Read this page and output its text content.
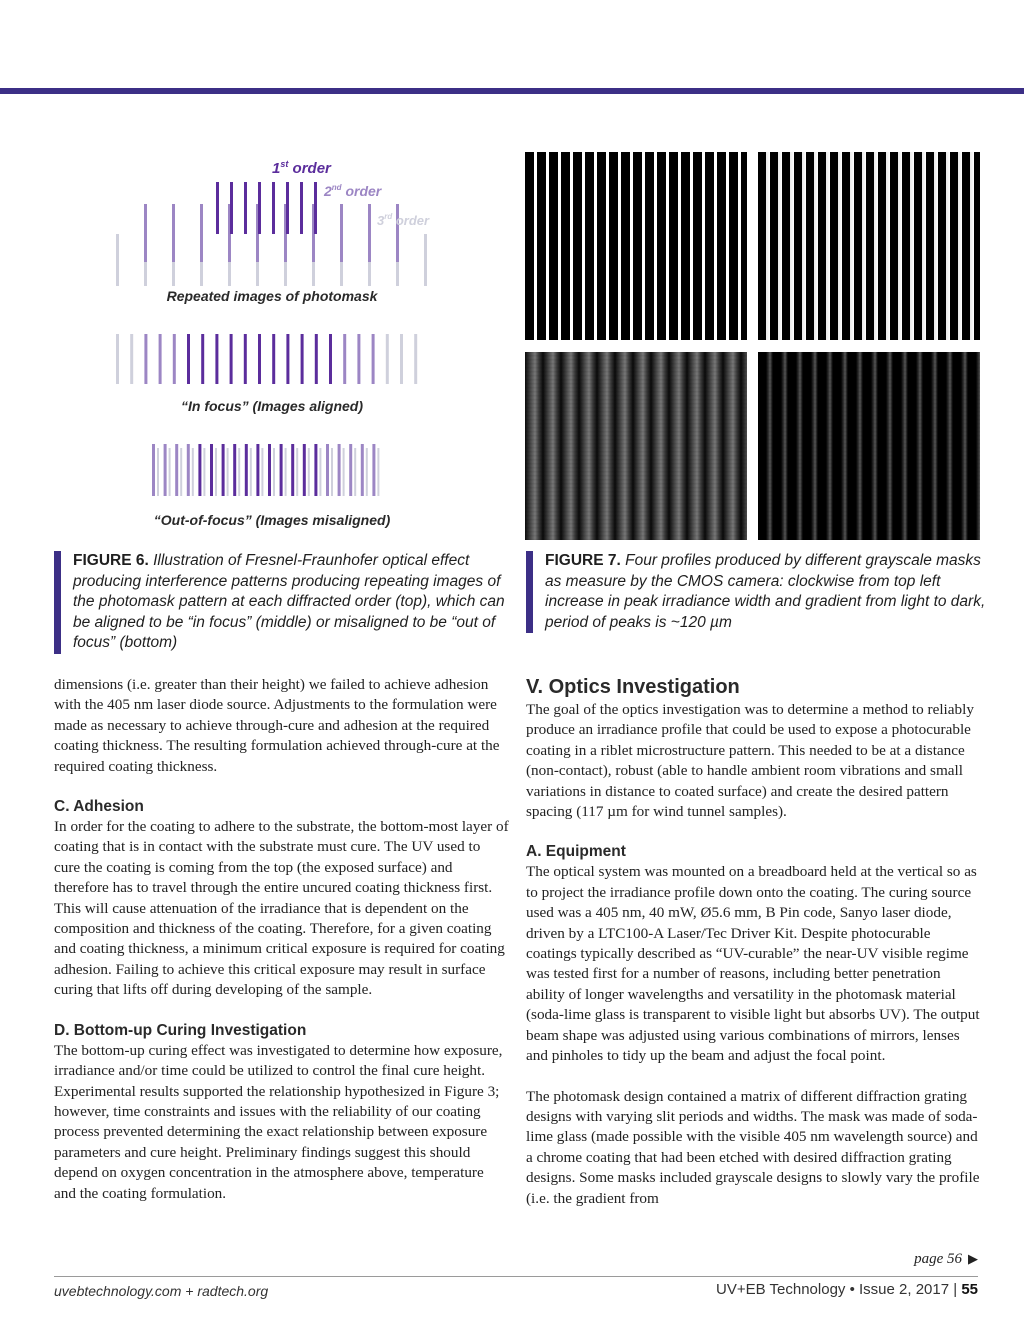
1st order
2nd order
3rd order
Repeated images of photomask
“In focus” (Images aligned)
“Out-of-focus” (Images misaligned)
FIGURE 6. Illustration of Fresnel-Fraunhofer optical effect producing interference patterns producing repeating images of the photomask pattern at each diffracted order (top), which can be aligned to be “in focus” (middle) or misaligned to be “out of focus” (bottom)
FIGURE 7. Four profiles produced by different grayscale masks as measure by the CMOS camera: clockwise from top left increase in peak irradiance width and gradient from light to dark, period of peaks is ~120 µm

dimensions (i.e. greater than their height) we failed to achieve adhesion with the 405 nm laser diode source. Adjustments to the formulation were made as necessary to achieve through-cure and adhesion at the required coating thickness. The resulting formulation achieved through-cure at the required coating thickness.

C. Adhesion

In order for the coating to adhere to the substrate, the bottom-most layer of coating that is in contact with the substrate must cure. The UV used to cure the coating is coming from the top (the exposed surface) and therefore has to travel through the entire uncured coating thickness first. This will cause attenuation of the irradiance that is dependent on the composition and thickness of the coating. Therefore, for a given coating and coating thickness, a minimum critical exposure is required for coating adhesion. Failing to achieve this critical exposure may result in surface curing that lifts off during developing of the sample.

D. Bottom-up Curing Investigation

The bottom-up curing effect was investigated to determine how exposure, irradiance and/or time could be utilized to control the final cure height. Experimental results supported the relationship hypothesized in Figure 3; however, time constraints and issues with the reliability of our coating process prevented determining the exact relationship between exposure parameters and cure height. Preliminary findings suggest this should depend on oxygen concentration in the atmosphere above, temperature and the coating formulation.

V. Optics Investigation

The goal of the optics investigation was to determine a method to reliably produce an irradiance profile that could be used to expose a photocurable coating in a riblet microstructure pattern. This needed to be at a distance (non-contact), robust (able to handle ambient room vibrations and small variations in distance to coated surface) and create the desired pattern spacing (117 µm for wind tunnel samples).

A. Equipment

The optical system was mounted on a breadboard held at the vertical so as to project the irradiance profile down onto the coating. The curing source used was a 405 nm, 40 mW, Ø5.6 mm, B Pin code, Sanyo laser diode, driven by a LTC100-A Laser/Tec Driver Kit. Despite photocurable coatings typically described as “UV-curable” the near-UV visible regime was tested first for a number of reasons, including better penetration ability of longer wavelengths and versatility in the photomask material (soda-lime glass is transparent to visible light but absorbs UV). The output beam shape was adjusted using various combinations of mirrors, lenses and pinholes to tidy up the beam and adjust the focal point.

The photomask design contained a matrix of different diffraction grating designs with varying slit periods and widths. The mask was made of soda-lime glass (made possible with the visible 405 nm wavelength source) and a chrome coating that had been etched with desired diffraction grating designs. Some masks included grayscale designs to slowly vary the profile (i.e. the gradient from

page 56 ▶
uvebtechnology.com + radtech.org	UV+EB Technology • Issue 2, 2017 | 55
